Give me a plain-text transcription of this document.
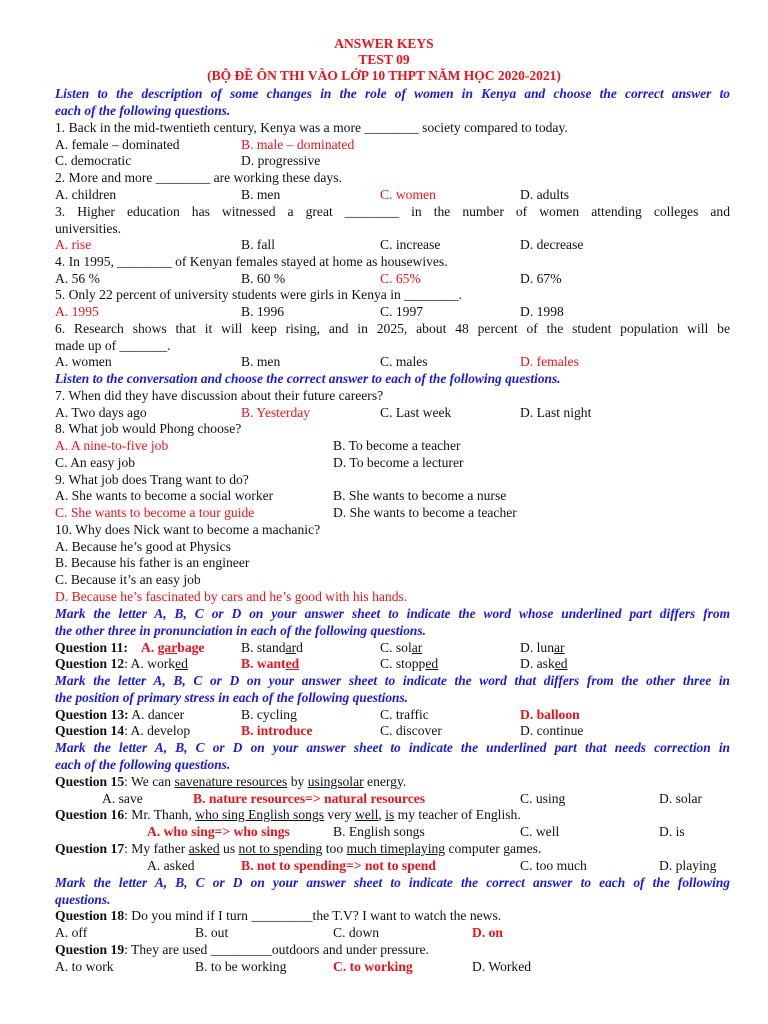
ANSWER KEYS
TEST 09
(BỘ ĐỀ ÔN THI VÀO LỚP 10 THPT NĂM HỌC 2020-2021)
Listen to the description of some changes in the role of women in Kenya and choose the correct answer to
each of the following questions.
1. Back in the mid-twentieth century, Kenya was a more ________ society compared to today.
A. female – dominated	B. male – dominated
C. democratic	D. progressive
2. More and more ________ are working these days.
A. children	B. men	C. women	D. adults
3. Higher education has witnessed a great ________ in the number of women attending colleges and
universities.
A. rise	B. fall	C. increase	D. decrease
4. In 1995, ________ of Kenyan females stayed at home as housewives.
A. 56 %	B. 60 %	C. 65%	D. 67%
5. Only 22 percent of university students were girls in Kenya in ________.
A. 1995	B. 1996	C. 1997	D. 1998
6. Research shows that it will keep rising, and in 2025, about 48 percent of the student population will be
made up of _______.
A. women	B. men	C. males	D. females
Listen to the conversation and choose the correct answer to each of the following questions.
7. When did they have discussion about their future careers?
A. Two days ago	B. Yesterday	C. Last week	D. Last night
8. What job would Phong choose?
A. A nine-to-five job	B. To become a teacher
C. An easy job	D. To become a lecturer
9. What job does Trang want to do?
A. She wants to become a social worker	B. She wants to become a nurse
C. She wants to become a tour guide	D. She wants to become a teacher
10. Why does Nick want to become a machanic?
A. Because he’s good at Physics
B. Because his father is an engineer
C. Because it’s an easy job
D. Because he’s fascinated by cars and he’s good with his hands.
Mark the letter A, B, C or D on your answer sheet to indicate the word whose underlined part differs from
the other three in pronunciation in each of the following questions.
Question 11: A. garbage	B. standard	C. solar	D. lunar
Question 12: A. worked	B. wanted	C. stopped	D. asked
Mark the letter A, B, C or D on your answer sheet to indicate the word that differs from the other three in
the position of primary stress in each of the following questions.
Question 13: A. dancer	B. cycling	C. traffic	D. balloon
Question 14: A. develop	B. introduce	C. discover	D. continue
Mark the letter A, B, C or D on your answer sheet to indicate the underlined part that needs correction in
each of the following questions.
Question 15: We can savenature resources by usingsolar energy.
A. save	B. nature resources=> natural resources	C. using	D. solar
Question 16: Mr. Thanh, who sing English songs very well, is my teacher of English.
A. who sing=> who sings	B. English songs	C. well	D. is
Question 17: My father asked us not to spending too much timeplaying computer games.
A. asked	B. not to spending=> not to spend	C. too much	D. playing
Mark the letter A, B, C or D on your answer sheet to indicate the correct answer to each of the following
questions.
Question 18: Do you mind if I turn _________the T.V? I want to watch the news.
A. off	B. out	C. down	D. on
Question 19: They are used _________outdoors and under pressure.
A. to work	B. to be working	C. to working	D. Worked
